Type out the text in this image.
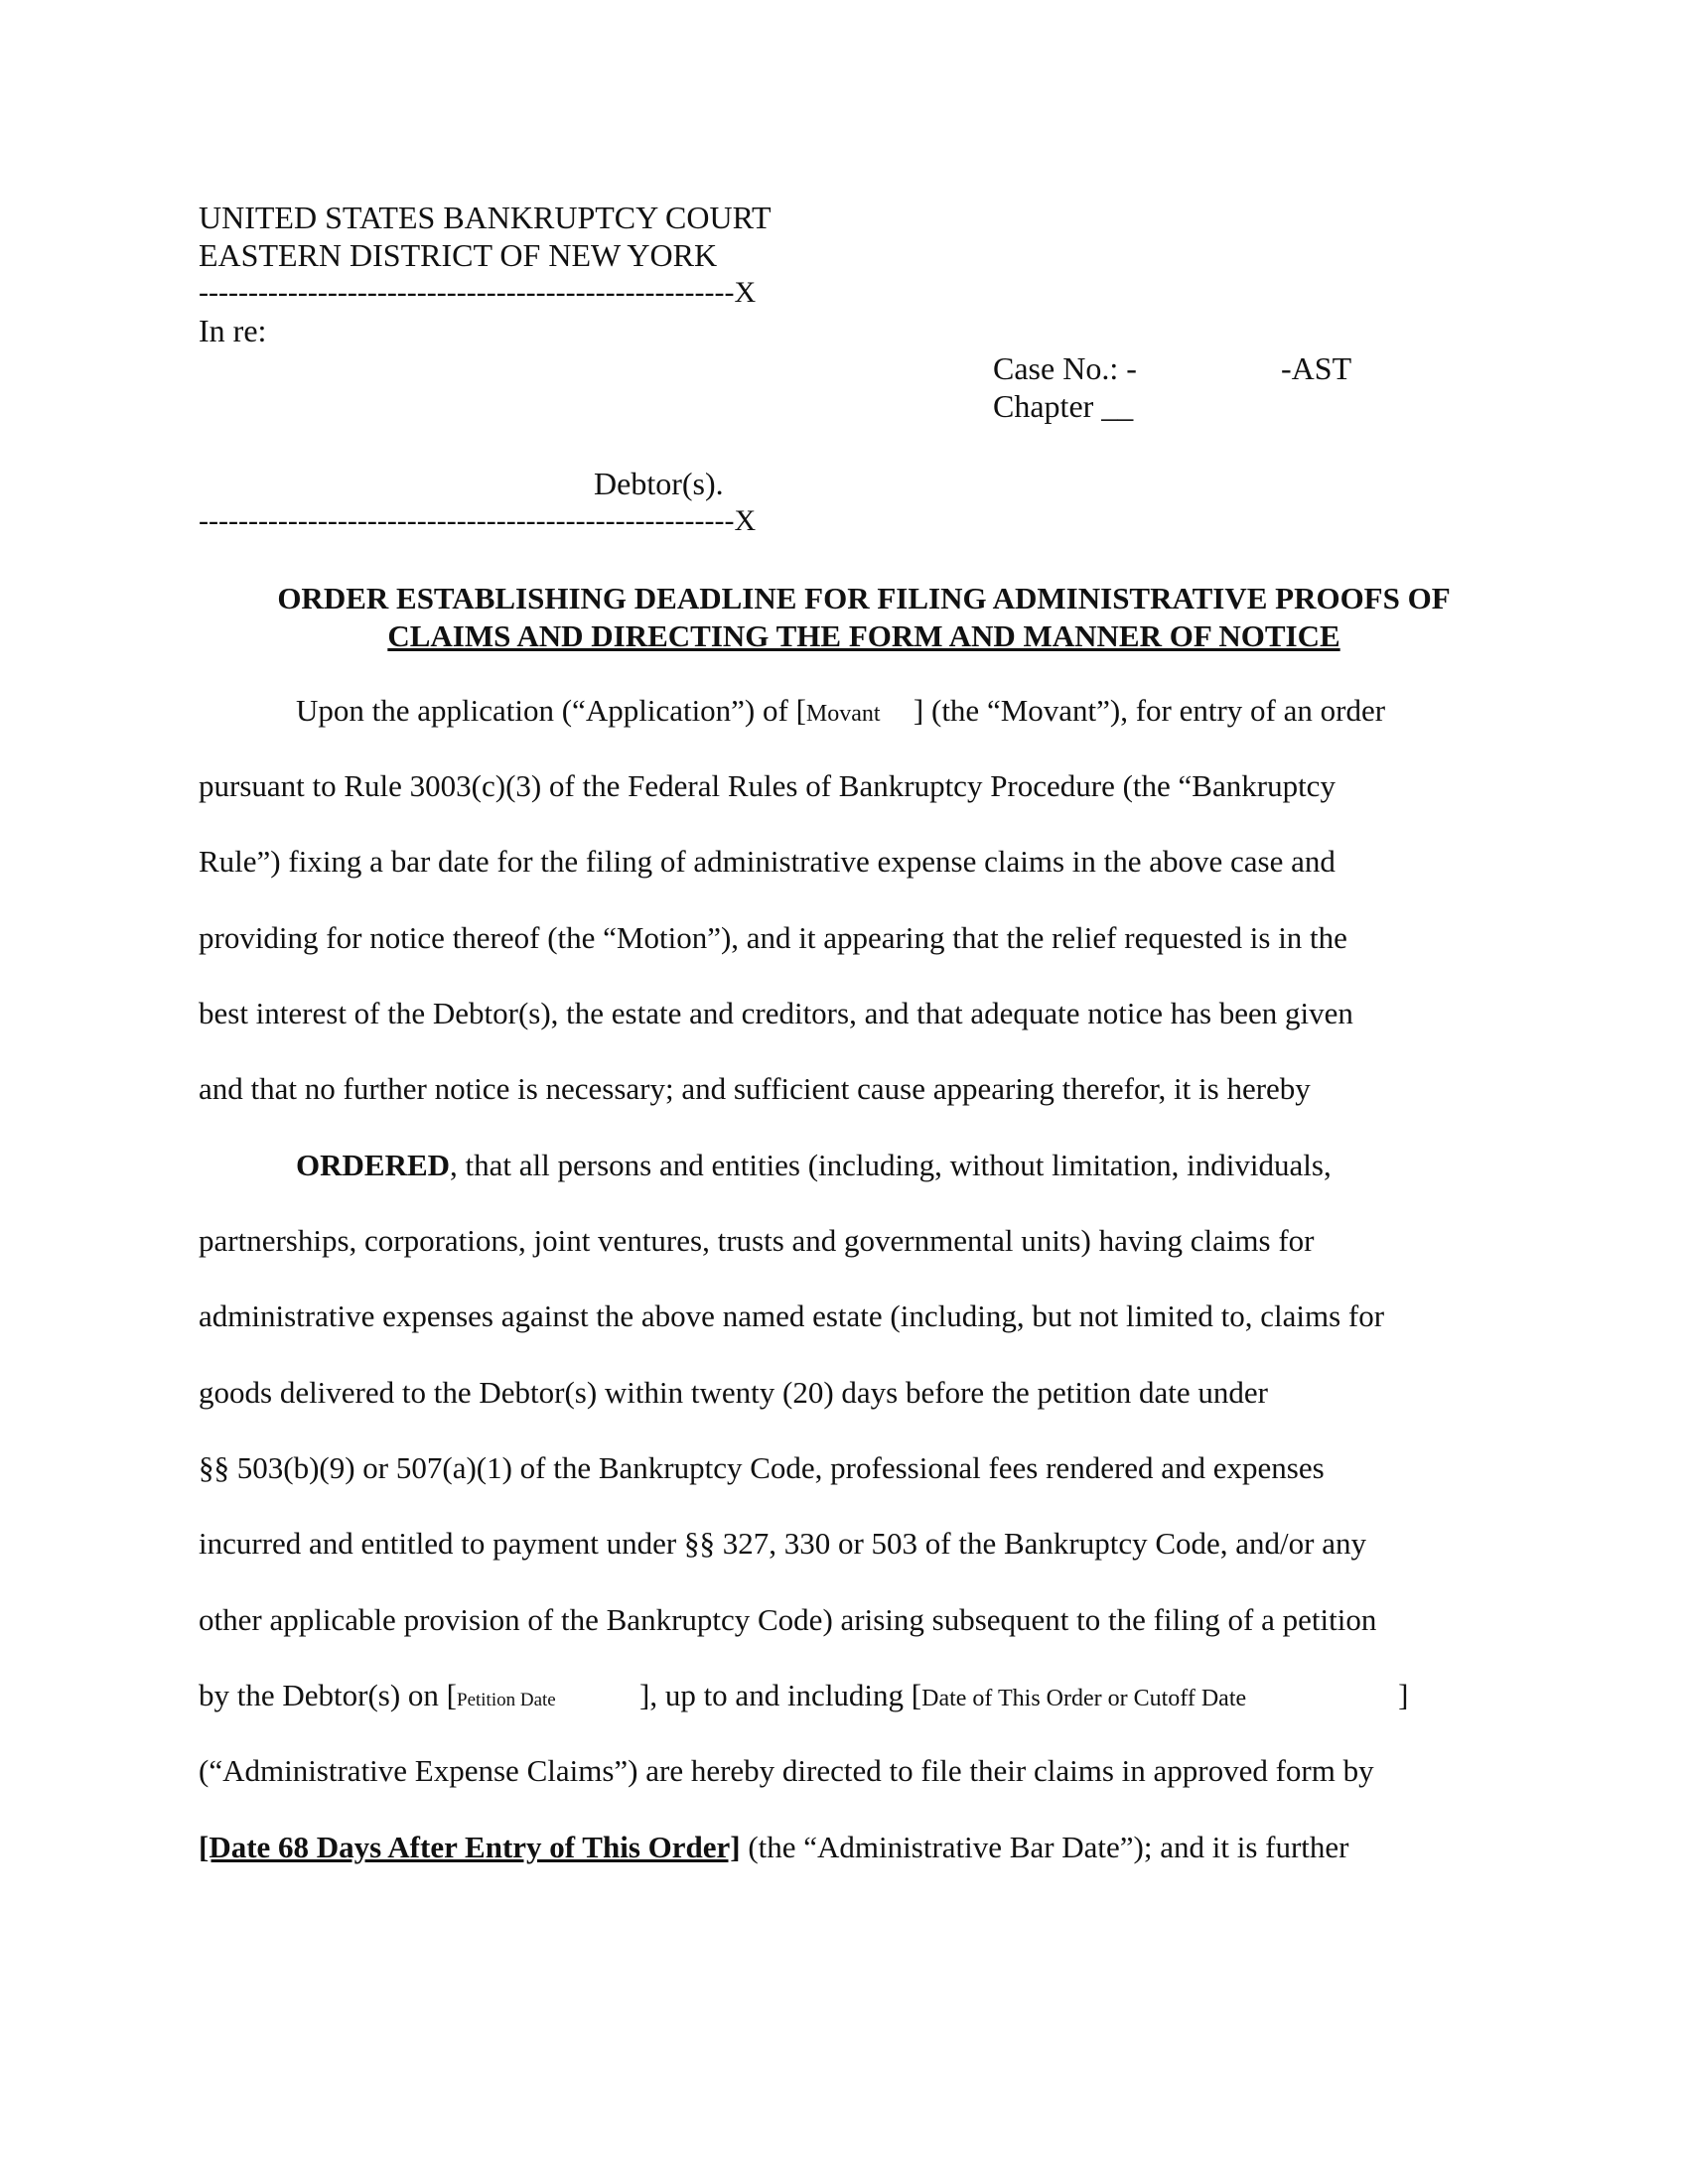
UNITED STATES BANKRUPTCY COURT
EASTERN DISTRICT OF NEW YORK
------------------------------------------------------X
In re:
Case No.: -	-AST
Chapter __
Debtor(s).
------------------------------------------------------X
ORDER ESTABLISHING DEADLINE FOR FILING ADMINISTRATIVE PROOFS OF
CLAIMS AND DIRECTING THE FORM AND MANNER OF NOTICE
Upon the application (“Application”) of [Movant ] (the “Movant”), for entry of an order
pursuant to Rule 3003(c)(3) of the Federal Rules of Bankruptcy Procedure (the “Bankruptcy
Rule”) fixing a bar date for the filing of administrative expense claims in the above case and
providing for notice thereof (the “Motion”), and it appearing that the relief requested is in the
best interest of the Debtor(s), the estate and creditors, and that adequate notice has been given
and that no further notice is necessary; and sufficient cause appearing therefor, it is hereby
ORDERED, that all persons and entities (including, without limitation, individuals,
partnerships, corporations, joint ventures, trusts and governmental units) having claims for
administrative expenses against the above named estate (including, but not limited to, claims for
goods delivered to the Debtor(s) within twenty (20) days before the petition date under
§§ 503(b)(9) or 507(a)(1) of the Bankruptcy Code, professional fees rendered and expenses
incurred and entitled to payment under §§ 327, 330 or 503 of the Bankruptcy Code, and/or any
other applicable provision of the Bankruptcy Code) arising subsequent to the filing of a petition
by the Debtor(s) on [Petition Date	], up to and including [Date of This Order or Cutoff Date	]
(“Administrative Expense Claims”) are hereby directed to file their claims in approved form by
[Date 68 Days After Entry of This Order] (the “Administrative Bar Date”); and it is further
